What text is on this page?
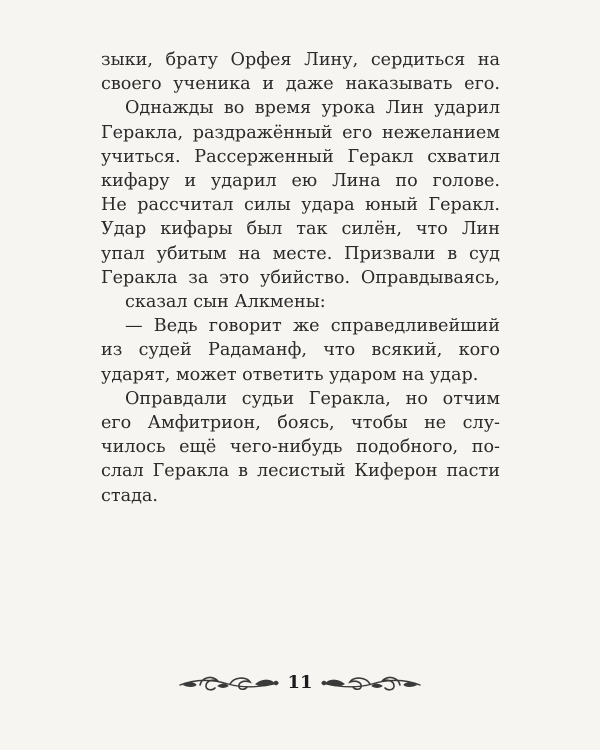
зыки, брату Орфея Лину, сердиться на
своего ученика и даже наказывать его.
Однажды во время урока Лин ударил
Геракла, раздражённый его нежеланием
учиться. Рассерженный Геракл схватил
кифару и ударил ею Лина по голове.
Не рассчитал силы удара юный Геракл.
Удар кифары был так силён, что Лин
упал убитым на месте. Призвали в суд
Геракла за это убийство. Оправдываясь,
сказал сын Алкмены:
— Ведь говорит же справедливейший
из судей Радаманф, что всякий, кого
ударят, может ответить ударом на удар.
Оправдали судьи Геракла, но отчим
его Амфитрион, боясь, чтобы не слу-
чилось ещё чего-нибудь подобного, по-
слал Геракла в лесистый Киферон пасти
стада.
11
